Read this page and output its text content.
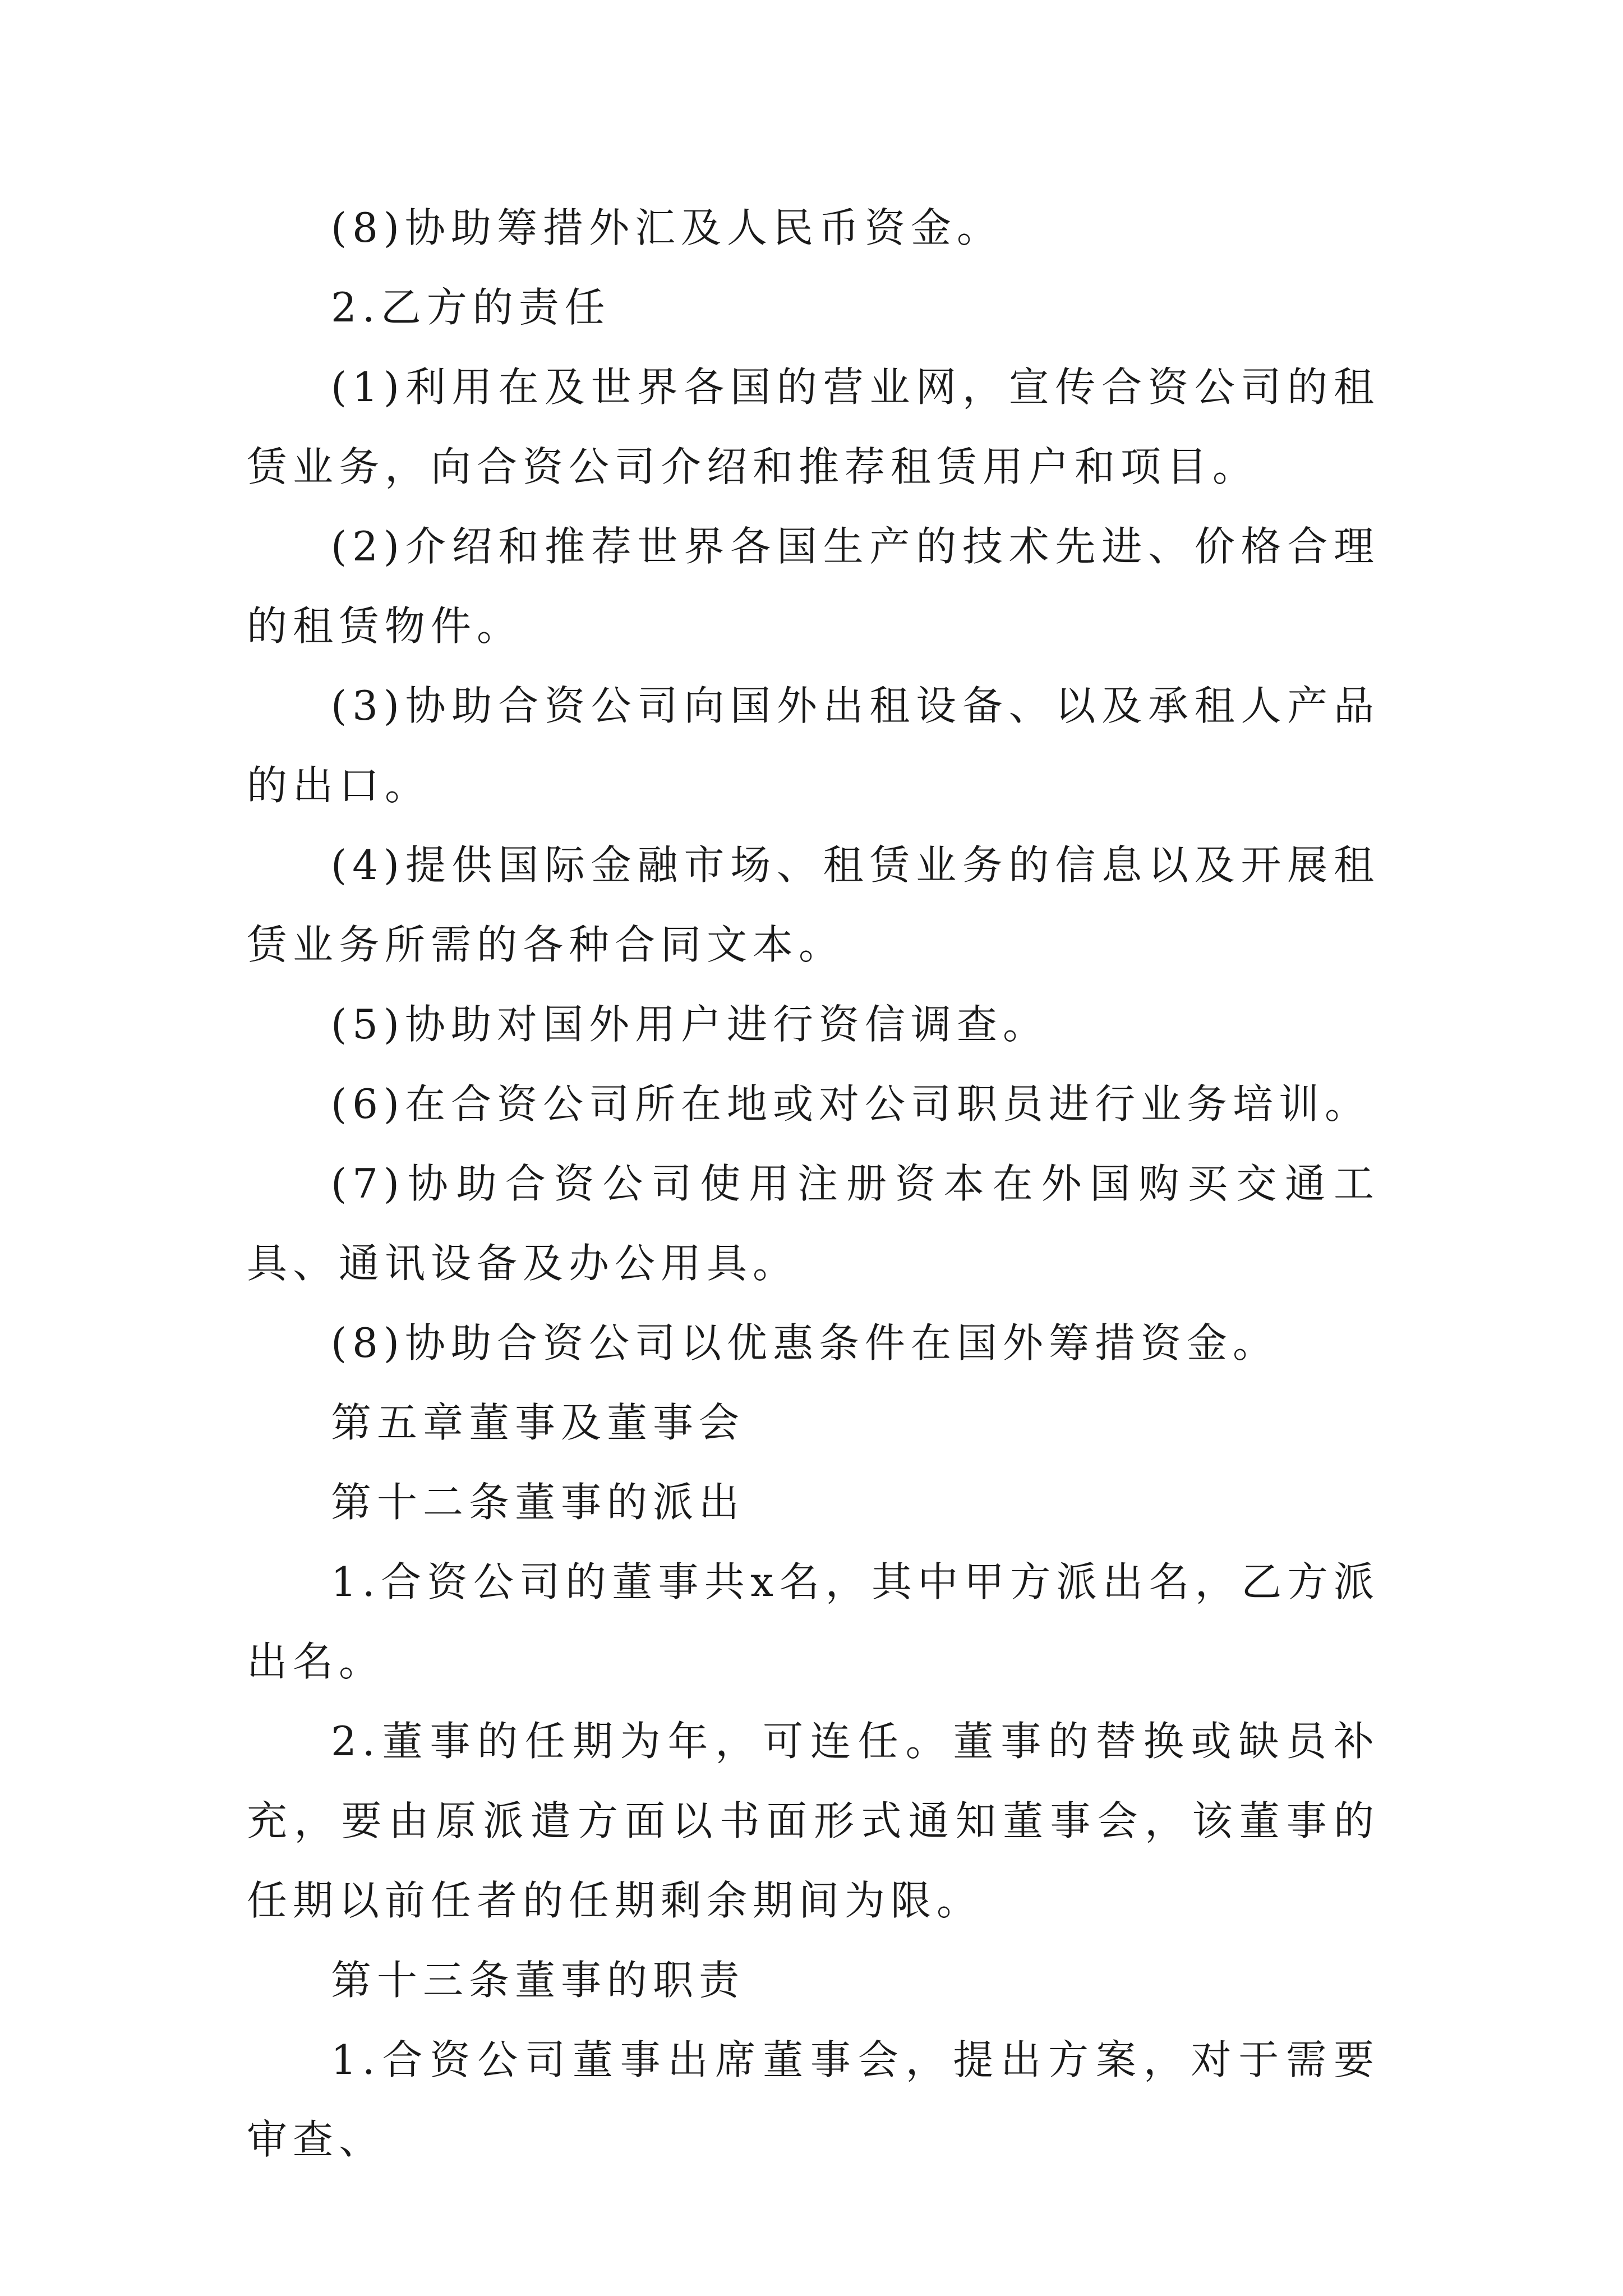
(8)协助筹措外汇及人民币资金。

2.乙方的责任

(1)利用在及世界各国的营业网，宣传合资公司的租赁业务，向合资公司介绍和推荐租赁用户和项目。

(2)介绍和推荐世界各国生产的技术先进、价格合理的租赁物件。

(3)协助合资公司向国外出租设备、以及承租人产品的出口。

(4)提供国际金融市场、租赁业务的信息以及开展租赁业务所需的各种合同文本。

(5)协助对国外用户进行资信调查。

(6)在合资公司所在地或对公司职员进行业务培训。

(7)协助合资公司使用注册资本在外国购买交通工具、通讯设备及办公用具。

(8)协助合资公司以优惠条件在国外筹措资金。

第五章董事及董事会

第十二条董事的派出

1.合资公司的董事共x名，其中甲方派出名，乙方派出名。

2.董事的任期为年，可连任。董事的替换或缺员补充，要由原派遣方面以书面形式通知董事会，该董事的任期以前任者的任期剩余期间为限。

第十三条董事的职责

1.合资公司董事出席董事会，提出方案，对于需要审查、
